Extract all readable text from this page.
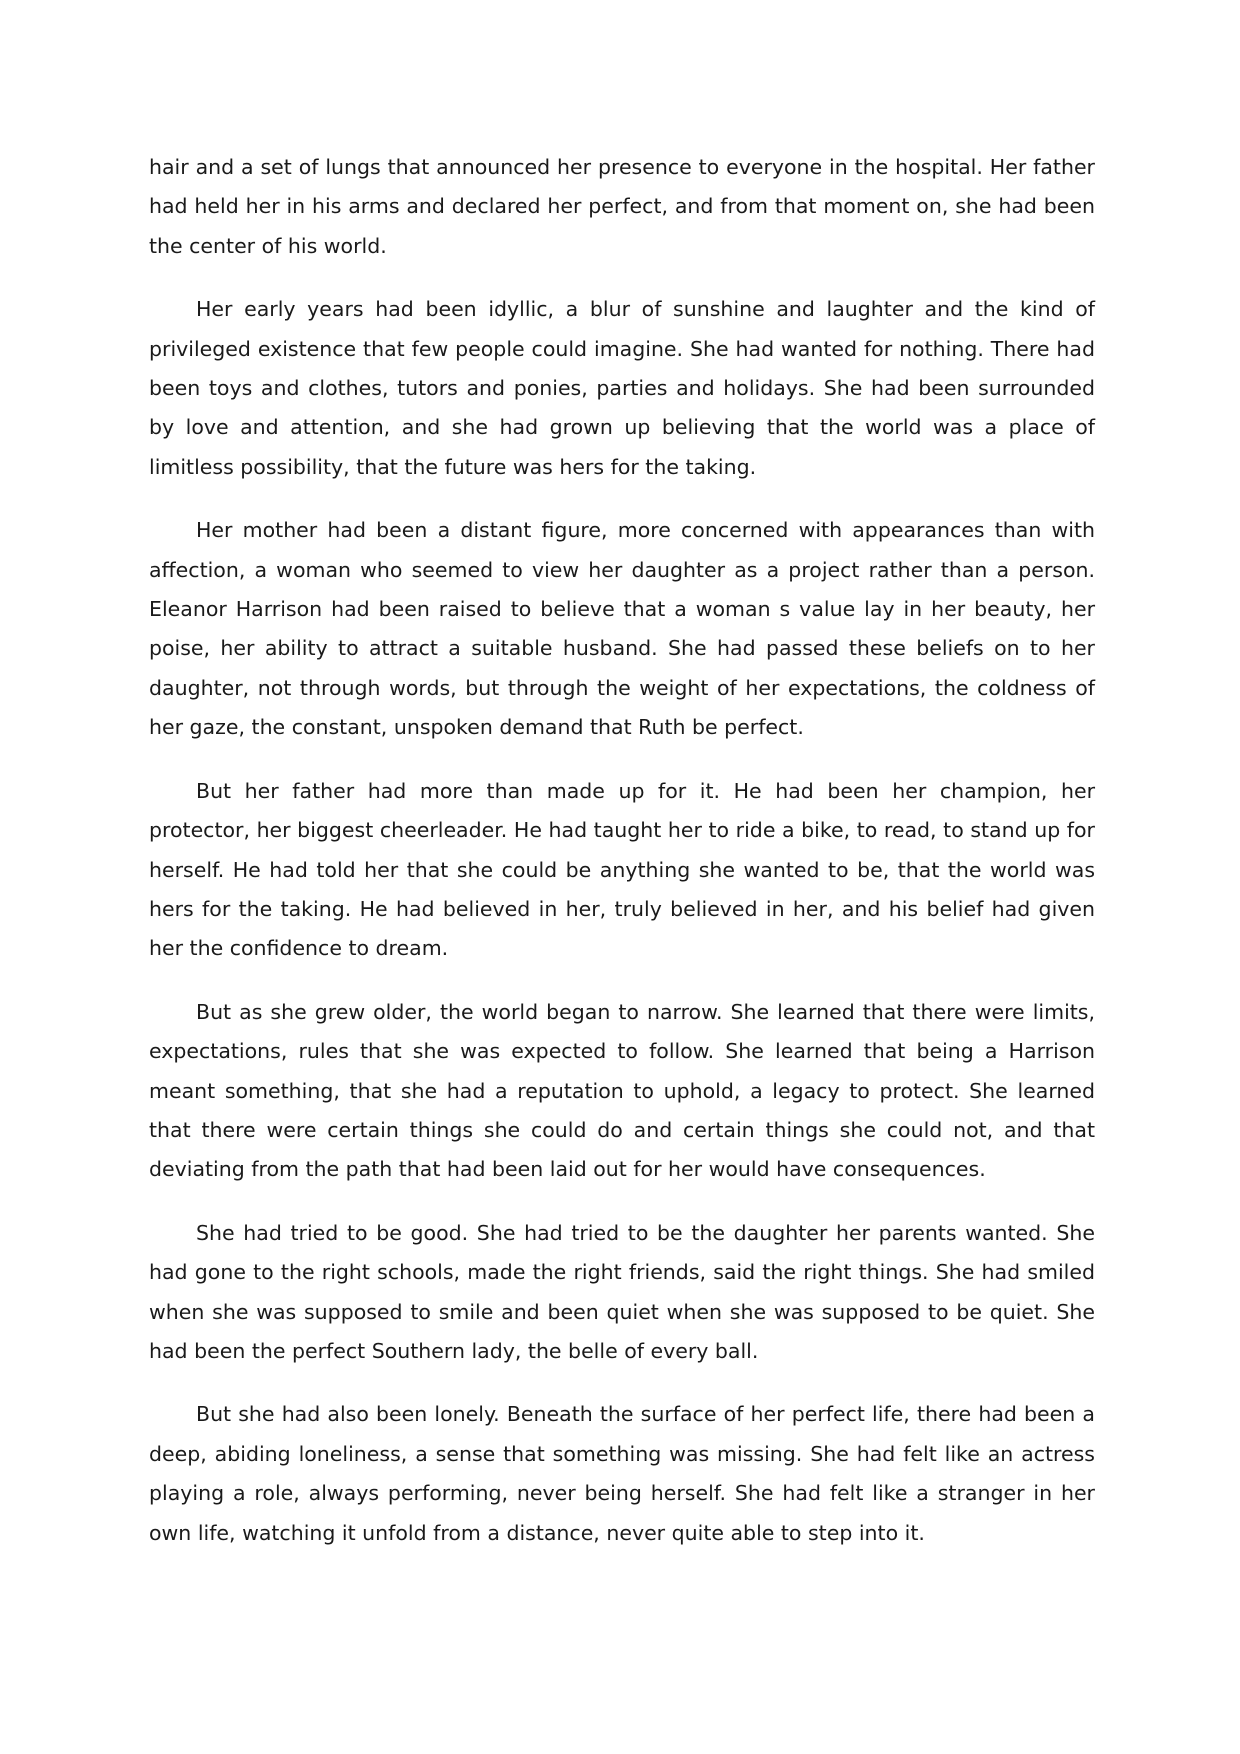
hair and a set of lungs that announced her presence to everyone in the hospital. Her father had held her in his arms and declared her perfect, and from that moment on, she had been the center of his world.

Her early years had been idyllic, a blur of sunshine and laughter and the kind of privileged existence that few people could imagine. She had wanted for nothing. There had been toys and clothes, tutors and ponies, parties and holidays. She had been surrounded by love and attention, and she had grown up believing that the world was a place of limitless possibility, that the future was hers for the taking.

Her mother had been a distant figure, more concerned with appearances than with affection, a woman who seemed to view her daughter as a project rather than a person. Eleanor Harrison had been raised to believe that a woman s value lay in her beauty, her poise, her ability to attract a suitable husband. She had passed these beliefs on to her daughter, not through words, but through the weight of her expectations, the coldness of her gaze, the constant, unspoken demand that Ruth be perfect.

But her father had more than made up for it. He had been her champion, her protector, her biggest cheerleader. He had taught her to ride a bike, to read, to stand up for herself. He had told her that she could be anything she wanted to be, that the world was hers for the taking. He had believed in her, truly believed in her, and his belief had given her the confidence to dream.

But as she grew older, the world began to narrow. She learned that there were limits, expectations, rules that she was expected to follow. She learned that being a Harrison meant something, that she had a reputation to uphold, a legacy to protect. She learned that there were certain things she could do and certain things she could not, and that deviating from the path that had been laid out for her would have consequences.

She had tried to be good. She had tried to be the daughter her parents wanted. She had gone to the right schools, made the right friends, said the right things. She had smiled when she was supposed to smile and been quiet when she was supposed to be quiet. She had been the perfect Southern lady, the belle of every ball.

But she had also been lonely. Beneath the surface of her perfect life, there had been a deep, abiding loneliness, a sense that something was missing. She had felt like an actress playing a role, always performing, never being herself. She had felt like a stranger in her own life, watching it unfold from a distance, never quite able to step into it.
